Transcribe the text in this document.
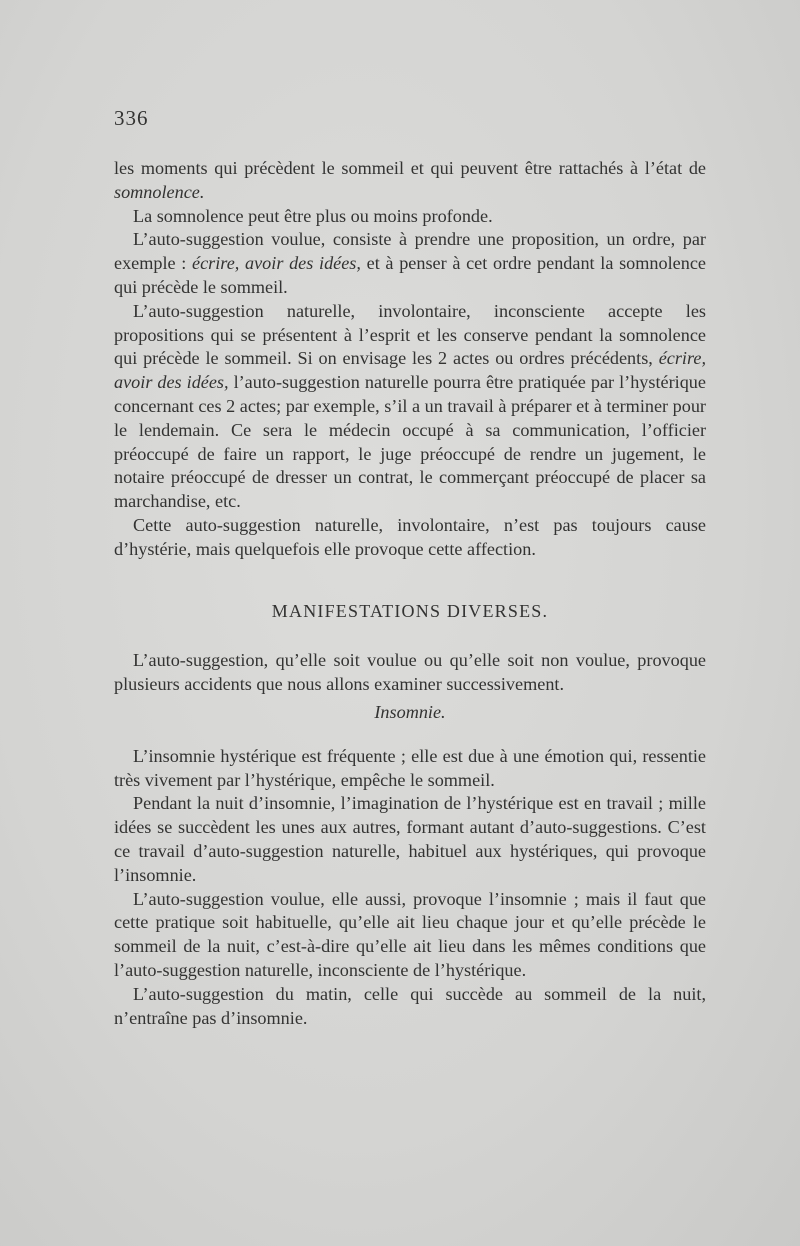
336

les moments qui précèdent le sommeil et qui peuvent être rattachés à l’état de somnolence.

La somnolence peut être plus ou moins profonde.

L’auto-suggestion voulue, consiste à prendre une proposition, un ordre, par exemple : écrire, avoir des idées, et à penser à cet ordre pendant la somnolence qui précède le sommeil.

L’auto-suggestion naturelle, involontaire, inconsciente accepte les propositions qui se présentent à l’esprit et les conserve pendant la somnolence qui précède le sommeil. Si on envisage les 2 actes ou ordres précédents, écrire, avoir des idées, l’auto-suggestion naturelle pourra être pratiquée par l’hystérique concernant ces 2 actes; par exemple, s’il a un travail à préparer et à terminer pour le lendemain. Ce sera le médecin occupé à sa communication, l’officier préoccupé de faire un rapport, le juge préoccupé de rendre un jugement, le notaire préoccupé de dresser un contrat, le commerçant préoccupé de placer sa marchandise, etc.

Cette auto-suggestion naturelle, involontaire, n’est pas toujours cause d’hystérie, mais quelquefois elle provoque cette affection.

MANIFESTATIONS DIVERSES.

L’auto-suggestion, qu’elle soit voulue ou qu’elle soit non voulue, provoque plusieurs accidents que nous allons examiner successivement.

Insomnie.

L’insomnie hystérique est fréquente ; elle est due à une émotion qui, ressentie très vivement par l’hystérique, empêche le sommeil.

Pendant la nuit d’insomnie, l’imagination de l’hystérique est en travail ; mille idées se succèdent les unes aux autres, formant autant d’auto-suggestions. C’est ce travail d’auto-suggestion naturelle, habituel aux hystériques, qui provoque l’insomnie.

L’auto-suggestion voulue, elle aussi, provoque l’insomnie ; mais il faut que cette pratique soit habituelle, qu’elle ait lieu chaque jour et qu’elle précède le sommeil de la nuit, c’est-à-dire qu’elle ait lieu dans les mêmes conditions que l’auto-suggestion naturelle, inconsciente de l’hystérique.

L’auto-suggestion du matin, celle qui succède au sommeil de la nuit, n’entraîne pas d’insomnie.
